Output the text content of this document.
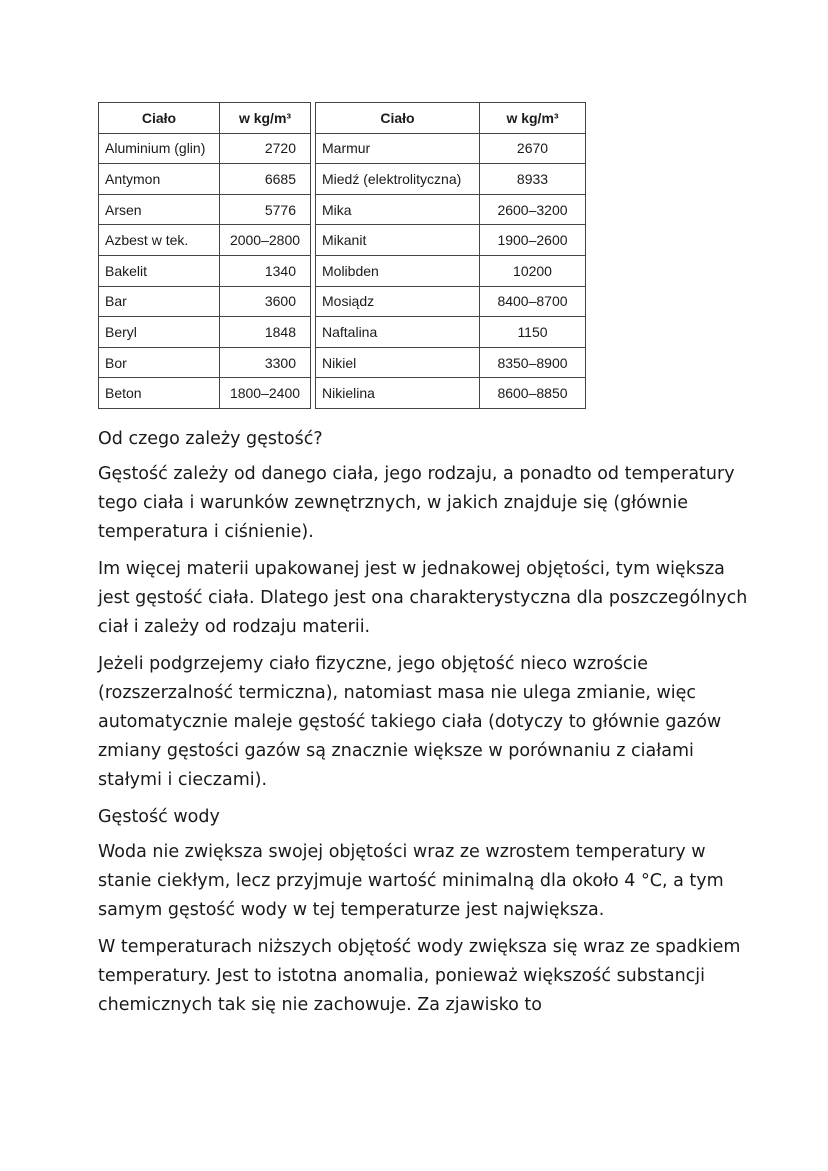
Ciało	w kg/m³
Aluminium (glin)	2720
Antymon	6685
Arsen	5776
Azbest w tek.	2000–2800
Bakelit	1340
Bar	3600
Beryl	1848
Bor	3300
Beton	1800–2400
Ciało	w kg/m³
Marmur	2670
Miedź (elektrolityczna)	8933
Mika	2600–3200
Mikanit	1900–2600
Molibden	10200
Mosiądz	8400–8700
Naftalina	1150
Nikiel	8350–8900
Nikielina	8600–8850

Od czego zależy gęstość?

Gęstość zależy od danego ciała, jego rodzaju, a ponadto od temperatury tego ciała i warunków zewnętrznych, w jakich znajduje się (głównie temperatura i ciśnienie).

Im więcej materii upakowanej jest w jednakowej objętości, tym większa jest gęstość ciała. Dlatego jest ona charakterystyczna dla poszczególnych ciał i zależy od rodzaju materii.

Jeżeli podgrzejemy ciało fizyczne, jego objętość nieco wzroście (rozszerzalność termiczna), natomiast masa nie ulega zmianie, więc automatycznie maleje gęstość takiego ciała (dotyczy to głównie gazów zmiany gęstości gazów są znacznie większe w porównaniu z ciałami stałymi i cieczami).

Gęstość wody

Woda nie zwiększa swojej objętości wraz ze wzrostem temperatury w stanie ciekłym, lecz przyjmuje wartość minimalną dla około 4 °C, a tym samym gęstość wody w tej temperaturze jest największa.

W temperaturach niższych objętość wody zwiększa się wraz ze spadkiem temperatury. Jest to istotna anomalia, ponieważ większość substancji chemicznych tak się nie zachowuje. Za zjawisko to
